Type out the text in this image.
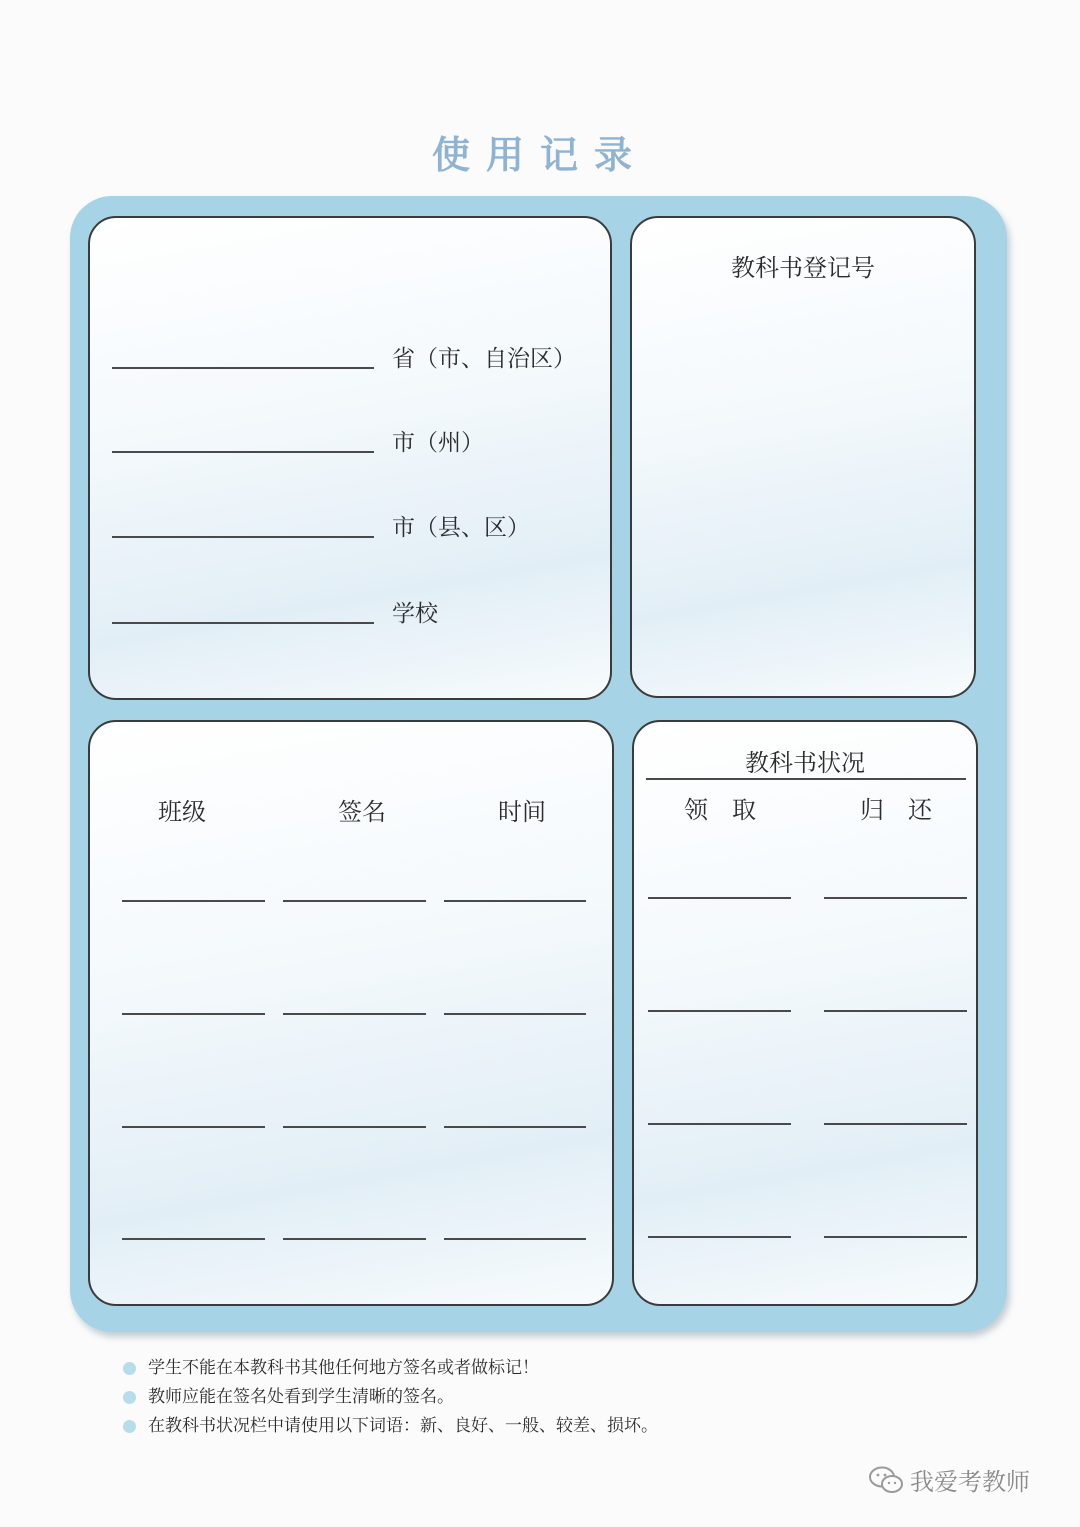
使用记录
省（市、自治区）
市（州）
市（县、区）
学校
教科书登记号
班级	签名	时间
教科书状况
领　取	归　还
学生不能在本教科书其他任何地方签名或者做标记！
教师应能在签名处看到学生清晰的签名。
在教科书状况栏中请使用以下词语：新、良好、一般、较差、损坏。
我爱考教师
